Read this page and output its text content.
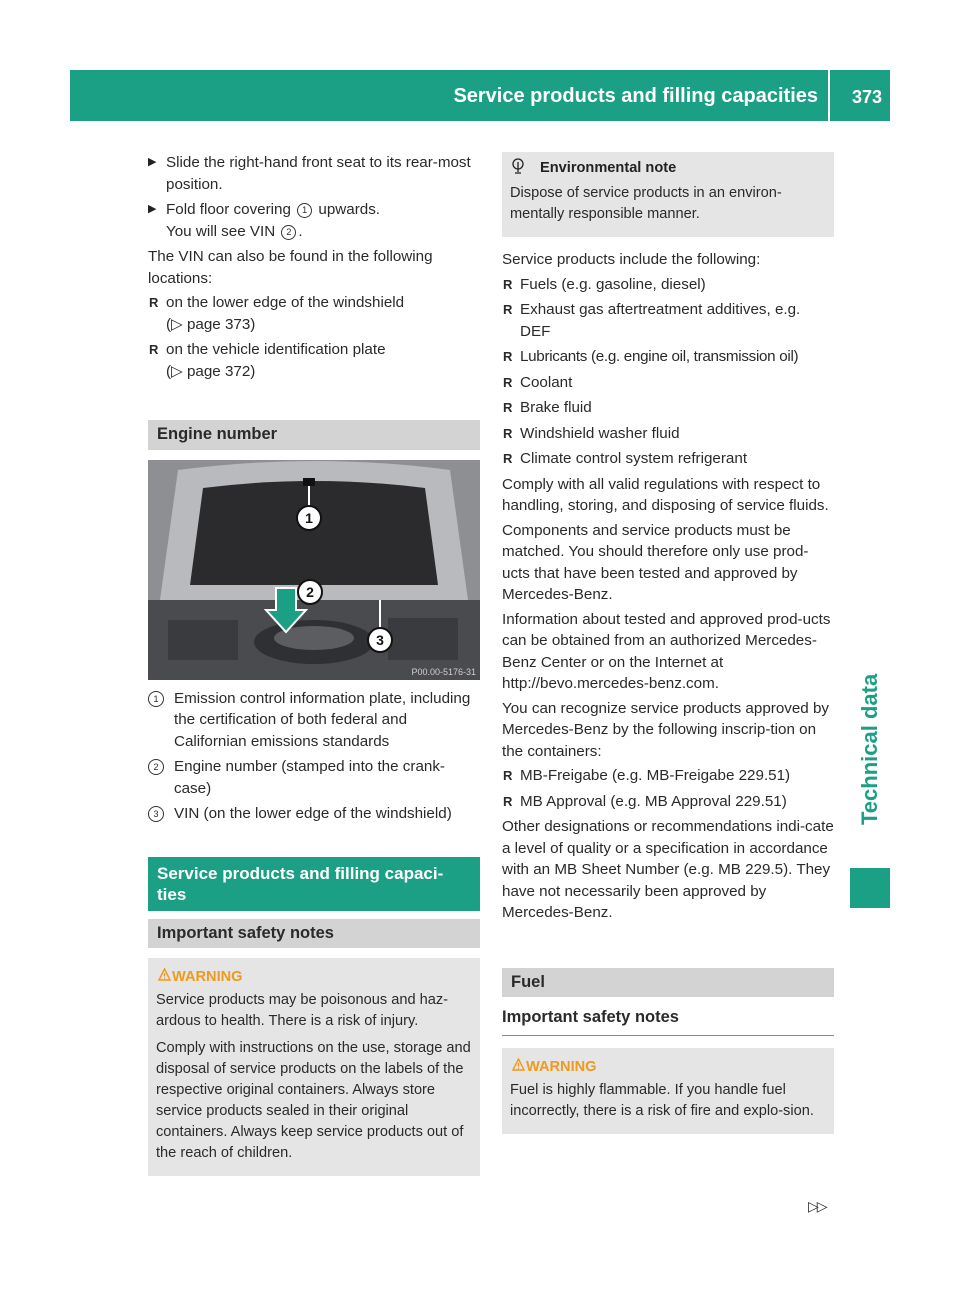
Service products and filling capacities 373
Technical data
▶ Slide the right-hand front seat to its rear-most position.
▶ Fold floor covering 1 upwards.
You will see VIN 2 .

The VIN can also be found in the following locations:

R on the lower edge of the windshield
(▷ page 373)
R on the vehicle identification plate
(▷ page 372)
Engine number
1
2
3
P00.00-5176-31
1	Emission control information plate, including the certification of both federal and Californian emissions standards
2	Engine number (stamped into the crank-case)
3	VIN (on the lower edge of the windshield)
Service products and filling capaci-ties
Important safety notes
WARNING

Service products may be poisonous and haz-ardous to health. There is a risk of injury.

Comply with instructions on the use, storage and disposal of service products on the labels of the respective original containers. Always store service products sealed in their original containers. Always keep service products out of the reach of children.

Environmental note

Dispose of service products in an environ-mentally responsible manner.

Service products include the following:

R Fuels (e.g. gasoline, diesel)
R Exhaust gas aftertreatment additives, e.g. DEF
R Lubricants (e.g. engine oil, transmission oil)
R Coolant
R Brake fluid
R Windshield washer fluid
R Climate control system refrigerant

Comply with all valid regulations with respect to handling, storing, and disposing of service fluids.

Components and service products must be matched. You should therefore only use prod-ucts that have been tested and approved by Mercedes-Benz.

Information about tested and approved prod-ucts can be obtained from an authorized Mercedes-Benz Center or on the Internet at http://bevo.mercedes-benz.com.

You can recognize service products approved by Mercedes-Benz by the following inscrip-tion on the containers:

R MB-Freigabe (e.g. MB-Freigabe 229.51)
R MB Approval (e.g. MB Approval 229.51)

Other designations or recommendations indi-cate a level of quality or a specification in accordance with an MB Sheet Number (e.g. MB 229.5). They have not necessarily been approved by Mercedes-Benz.

Fuel
Important safety notes
WARNING

Fuel is highly flammable. If you handle fuel incorrectly, there is a risk of fire and explo-sion.

▷▷
